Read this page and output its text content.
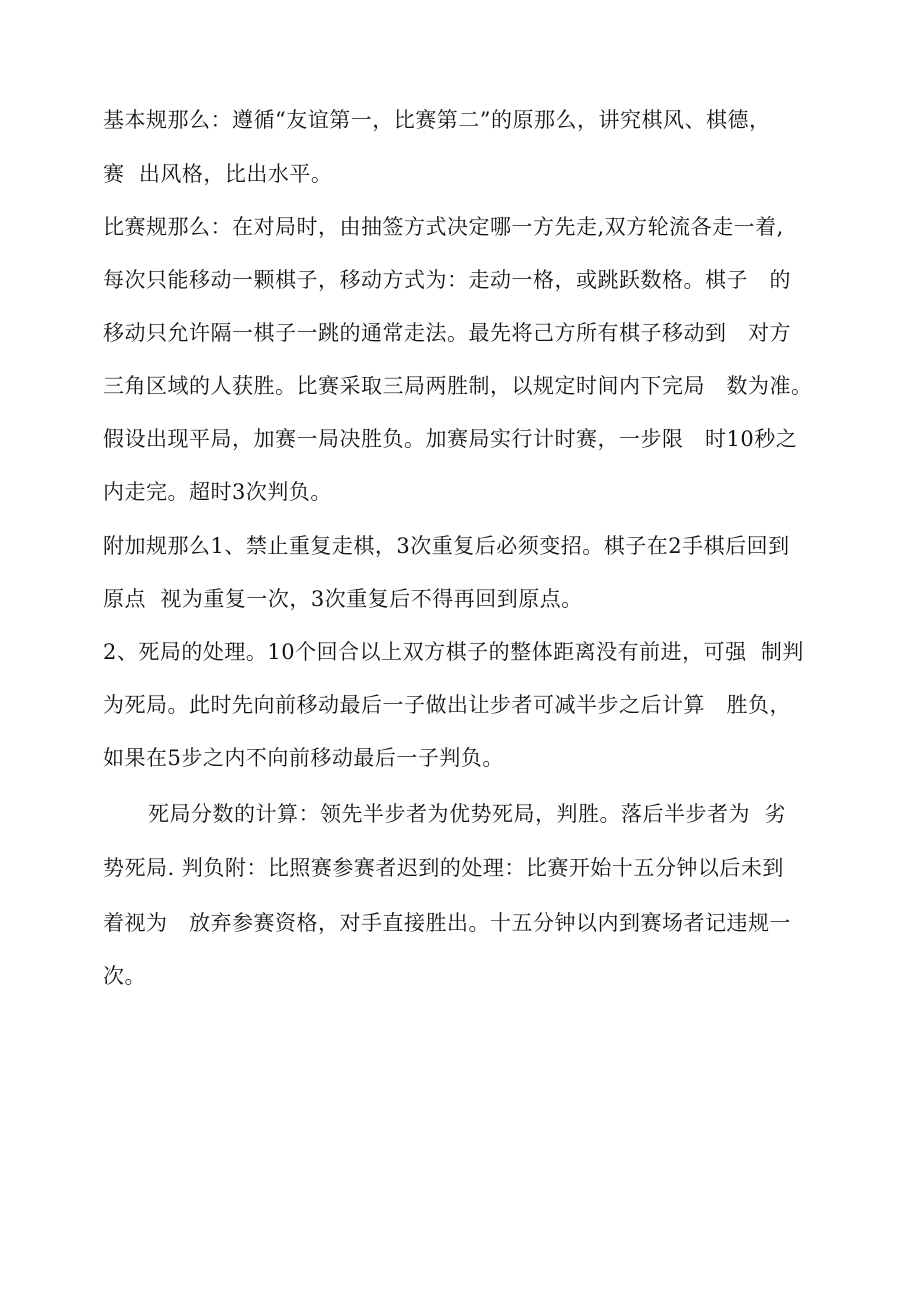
基本规那么：遵循“友谊第一，比赛第二”的原那么，讲究棋风、棋德，

赛  出风格，比出水平。

比赛规那么：在对局时，由抽签方式决定哪一方先走,双方轮流各走一着,

每次只能移动一颗棋子，移动方式为：走动一格，或跳跃数格。棋子   的

移动只允许隔一棋子一跳的通常走法。最先将己方所有棋子移动到   对方

三角区域的人获胜。比赛采取三局两胜制，以规定时间内下完局   数为准。

假设出现平局，加赛一局决胜负。加赛局实行计时赛，一步限   时10秒之

内走完。超时3次判负。

附加规那么1、禁止重复走棋，3次重复后必须变招。棋子在2手棋后回到

原点  视为重复一次，3次重复后不得再回到原点。

2、死局的处理。10个回合以上双方棋子的整体距离没有前进，可强  制判

为死局。此时先向前移动最后一子做出让步者可减半步之后计算   胜负，

如果在5步之内不向前移动最后一子判负。

死局分数的计算：领先半步者为优势死局，判胜。落后半步者为  劣

势死局. 判负附：比照赛参赛者迟到的处理：比赛开始十五分钟以后未到

着视为   放弃参赛资格，对手直接胜出。十五分钟以内到赛场者记违规一

次。
